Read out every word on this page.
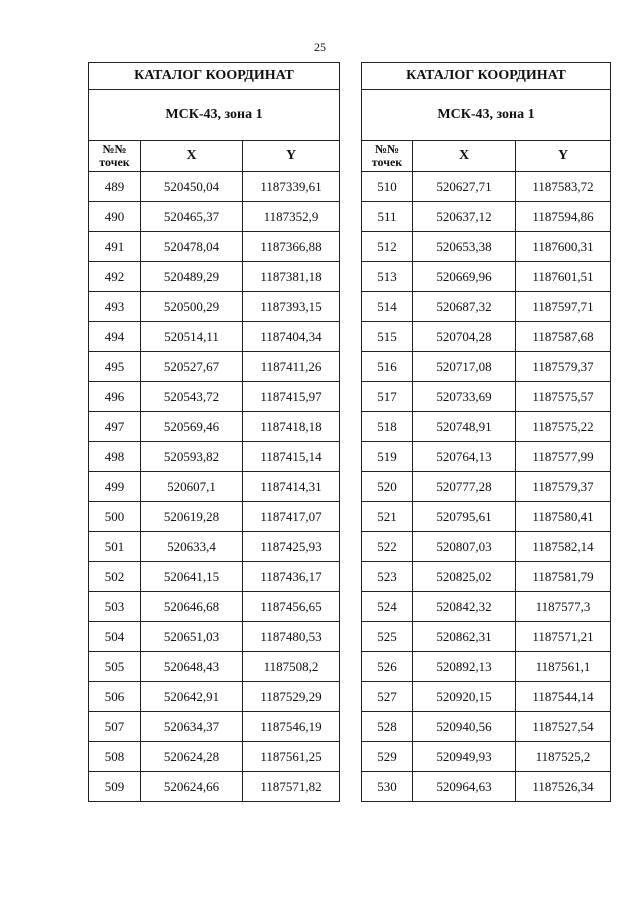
25
КАТАЛОГ КООРДИНАТ		
МСК-43, зона 1		
№№
точек	X	Y
489	520450,04	1187339,61
490	520465,37	1187352,9
491	520478,04	1187366,88
492	520489,29	1187381,18
493	520500,29	1187393,15
494	520514,11	1187404,34
495	520527,67	1187411,26
496	520543,72	1187415,97
497	520569,46	1187418,18
498	520593,82	1187415,14
499	520607,1	1187414,31
500	520619,28	1187417,07
501	520633,4	1187425,93
502	520641,15	1187436,17
503	520646,68	1187456,65
504	520651,03	1187480,53
505	520648,43	1187508,2
506	520642,91	1187529,29
507	520634,37	1187546,19
508	520624,28	1187561,25
509	520624,66	1187571,82
КАТАЛОГ КООРДИНАТ		
МСК-43, зона 1		
№№
точек	X	Y
510	520627,71	1187583,72
511	520637,12	1187594,86
512	520653,38	1187600,31
513	520669,96	1187601,51
514	520687,32	1187597,71
515	520704,28	1187587,68
516	520717,08	1187579,37
517	520733,69	1187575,57
518	520748,91	1187575,22
519	520764,13	1187577,99
520	520777,28	1187579,37
521	520795,61	1187580,41
522	520807,03	1187582,14
523	520825,02	1187581,79
524	520842,32	1187577,3
525	520862,31	1187571,21
526	520892,13	1187561,1
527	520920,15	1187544,14
528	520940,56	1187527,54
529	520949,93	1187525,2
530	520964,63	1187526,34
